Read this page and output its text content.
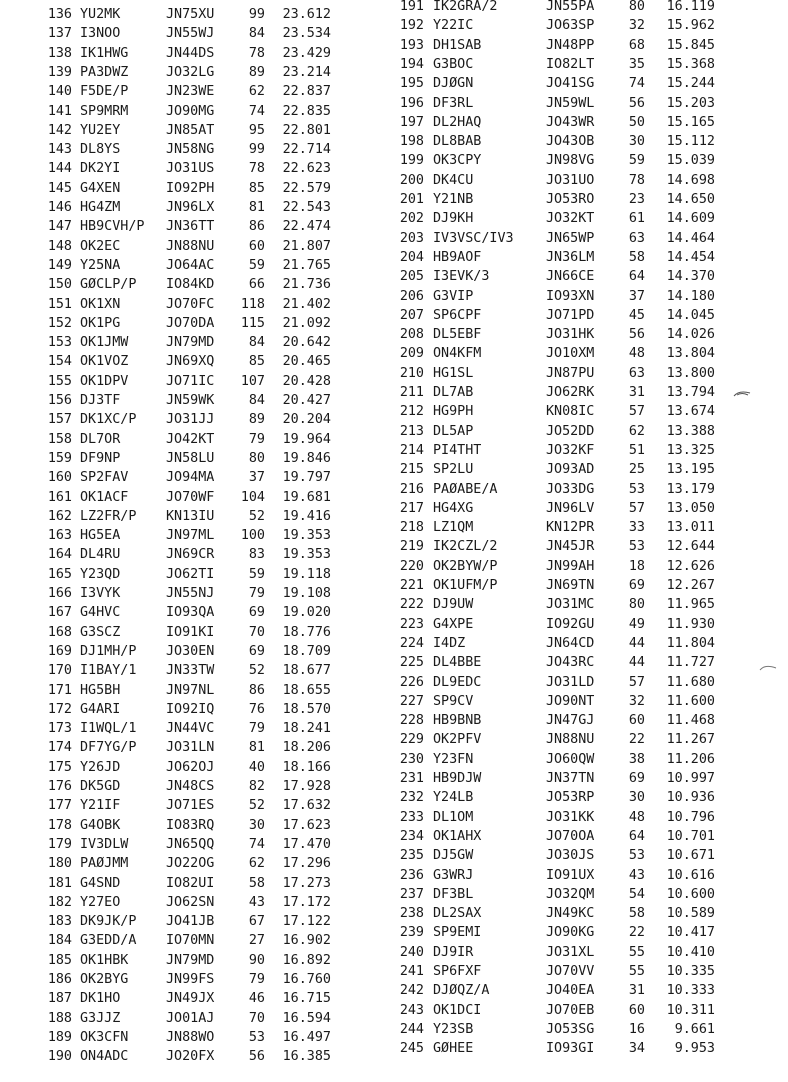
136 YU2MK	JN75XU	99	23.612
137 I3NOO	JN55WJ	84	23.534
138 IK1HWG	JN44DS	78	23.429
139 PA3DWZ	JO32LG	89	23.214
140 F5DE/P	JN23WE	62	22.837
141 SP9MRM	JO90MG	74	22.835
142 YU2EY	JN85AT	95	22.801
143 DL8YS	JN58NG	99	22.714
144 DK2YI	JO31US	78	22.623
145 G4XEN	IO92PH	85	22.579
146 HG4ZM	JN96LX	81	22.543
147 HB9CVH/P JN36TT	86	22.474
148 OK2EC	JN88NU	60	21.807
149 Y25NA	JO64AC	59	21.765
150 GØCLP/P IO84KD	66	21.736
151 OK1XN	JO70FC	118	21.402
152 OK1PG	JO70DA	115	21.092
153 OK1JMW	JN79MD	84	20.642
154 OK1VOZ	JN69XQ	85	20.465
155 OK1DPV	JO71IC	107	20.428
156 DJ3TF	JN59WK	84	20.427
157 DK1XC/P JO31JJ	89	20.204
158 DL7OR	JO42KT	79	19.964
159 DF9NP	JN58LU	80	19.846
160 SP2FAV	JO94MA	37	19.797
161 OK1ACF	JO70WF	104	19.681
162 LZ2FR/P KN13IU	52	19.416
163 HG5EA	JN97ML	100	19.353
164 DL4RU	JN69CR	83	19.353
165 Y23QD	JO62TI	59	19.118
166 I3VYK	JN55NJ	79	19.108
167 G4HVC	IO93QA	69	19.020
168 G3SCZ	IO91KI	70	18.776
169 DJ1MH/P JO30EN	69	18.709
170 I1BAY/1 JN33TW	52	18.677
171 HG5BH	JN97NL	86	18.655
172 G4ARI	IO92IQ	76	18.570
173 I1WQL/1 JN44VC	79	18.241
174 DF7YG/P JO31LN	81	18.206
175 Y26JD	JO62OJ	40	18.166
176 DK5GD	JN48CS	82	17.928
177 Y21IF	JO71ES	52	17.632
178 G4OBK	IO83RQ	30	17.623
179 IV3DLW	JN65QQ	74	17.470
180 PAØJMM	JO22OG	62	17.296
181 G4SND	IO82UI	58	17.273
182 Y27EO	JO62SN	43	17.172
183 DK9JK/P JO41JB	67	17.122
184 G3EDD/A IO70MN	27	16.902
185 OK1HBK	JN79MD	90	16.892
186 OK2BYG	JN99FS	79	16.760
187 DK1HO	JN49JX	46	16.715
188 G3JJZ	JO01AJ	70	16.594
189 OK3CFN	JN88WO	53	16.497
190 ON4ADC	JO20FX	56	16.385
191 IK2GRA/2	JN55PA	80	16.119
192 Y22IC	JO63SP	32	15.962
193 DH1SAB	JN48PP	68	15.845
194 G3BOC	IO82LT	35	15.368
195 DJØGN	JO41SG	74	15.244
196 DF3RL	JN59WL	56	15.203
197 DL2HAQ	JO43WR	50	15.165
198 DL8BAB	JO43OB	30	15.112
199 OK3CPY	JN98VG	59	15.039
200 DK4CU	JO31UO	78	14.698
201 Y21NB	JO53RO	23	14.650
202 DJ9KH	JO32KT	61	14.609
203 IV3VSC/IV3 JN65WP	63	14.464
204 HB9AOF	JN36LM	58	14.454
205 I3EVK/3	JN66CE	64	14.370
206 G3VIP	IO93XN	37	14.180
207 SP6CPF	JO71PD	45	14.045
208 DL5EBF	JO31HK	56	14.026
209 ON4KFM	JO10XM	48	13.804
210 HG1SL	JN87PU	63	13.800
211 DL7AB	JO62RK	31	13.794
212 HG9PH	KN08IC	57	13.674
213 DL5AP	JO52DD	62	13.388
214 PI4THT	JO32KF	51	13.325
215 SP2LU	JO93AD	25	13.195
216 PAØABE/A	JO33DG	53	13.179
217 HG4XG	JN96LV	57	13.050
218 LZ1QM	KN12PR	33	13.011
219 IK2CZL/2	JN45JR	53	12.644
220 OK2BYW/P	JN99AH	18	12.626
221 OK1UFM/P	JN69TN	69	12.267
222 DJ9UW	JO31MC	80	11.965
223 G4XPE	IO92GU	49	11.930
224 I4DZ	JN64CD	44	11.804
225 DL4BBE	JO43RC	44	11.727
226 DL9EDC	JO31LD	57	11.680
227 SP9CV	JO90NT	32	11.600
228 HB9BNB	JN47GJ	60	11.468
229 OK2PFV	JN88NU	22	11.267
230 Y23FN	JO60QW	38	11.206
231 HB9DJW	JN37TN	69	10.997
232 Y24LB	JO53RP	30	10.936
233 DL1OM	JO31KK	48	10.796
234 OK1AHX	JO70OA	64	10.701
235 DJ5GW	JO30JS	53	10.671
236 G3WRJ	IO91UX	43	10.616
237 DF3BL	JO32QM	54	10.600
238 DL2SAX	JN49KC	58	10.589
239 SP9EMI	JO90KG	22	10.417
240 DJ9IR	JO31XL	55	10.410
241 SP6FXF	JO70VV	55	10.335
242 DJØQZ/A	JO40EA	31	10.333
243 OK1DCI	JO70EB	60	10.311
244 Y23SB	JO53SG	16	9.661
245 GØHEE	IO93GI	34	9.953
